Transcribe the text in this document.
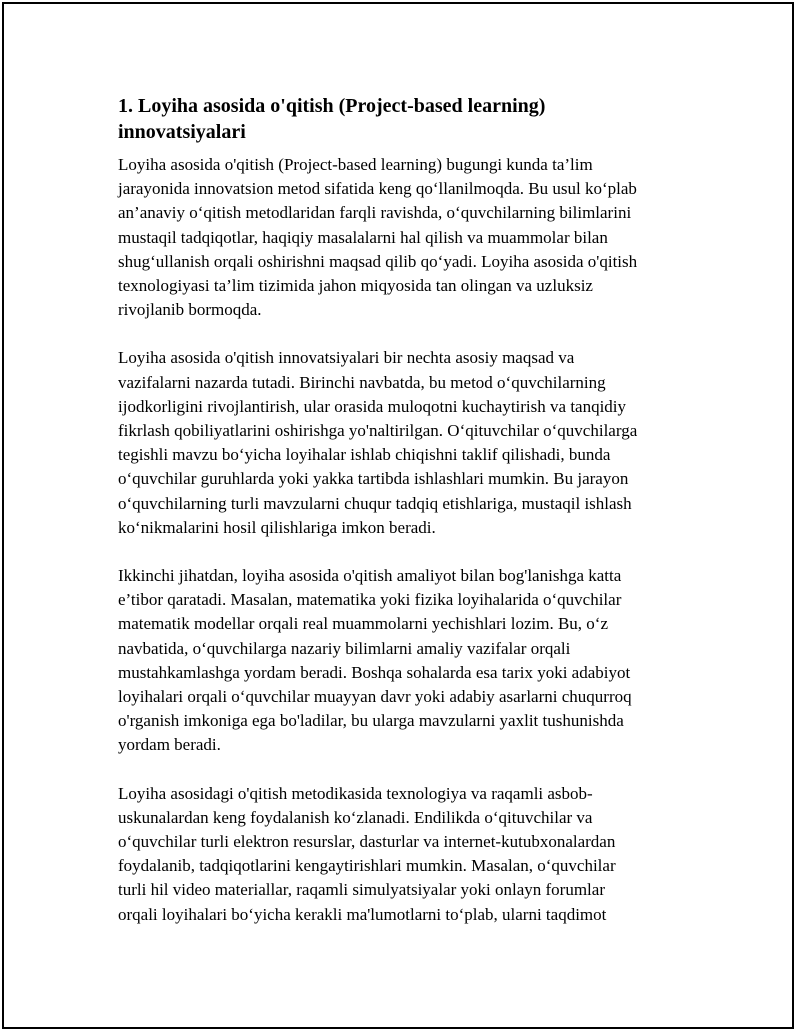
1. Loyiha asosida o'qitish (Project-based learning)
innovatsiyalari
Loyiha asosida o'qitish (Project-based learning) bugungi kunda ta’lim
jarayonida innovatsion metod sifatida keng qo‘llanilmoqda. Bu usul ko‘plab
an’anaviy o‘qitish metodlaridan farqli ravishda, o‘quvchilarning bilimlarini
mustaqil tadqiqotlar, haqiqiy masalalarni hal qilish va muammolar bilan
shug‘ullanish orqali oshirishni maqsad qilib qo‘yadi. Loyiha asosida o'qitish
texnologiyasi ta’lim tizimida jahon miqyosida tan olingan va uzluksiz
rivojlanib bormoqda.
Loyiha asosida o'qitish innovatsiyalari bir nechta asosiy maqsad va
vazifalarni nazarda tutadi. Birinchi navbatda, bu metod o‘quvchilarning
ijodkorligini rivojlantirish, ular orasida muloqotni kuchaytirish va tanqidiy
fikrlash qobiliyatlarini oshirishga yo'naltirilgan. O‘qituvchilar o‘quvchilarga
tegishli mavzu bo‘yicha loyihalar ishlab chiqishni taklif qilishadi, bunda
o‘quvchilar guruhlarda yoki yakka tartibda ishlashlari mumkin. Bu jarayon
o‘quvchilarning turli mavzularni chuqur tadqiq etishlariga, mustaqil ishlash
ko‘nikmalarini hosil qilishlariga imkon beradi.
Ikkinchi jihatdan, loyiha asosida o'qitish amaliyot bilan bog'lanishga katta
e’tibor qaratadi. Masalan, matematika yoki fizika loyihalarida o‘quvchilar
matematik modellar orqali real muammolarni yechishlari lozim. Bu, o‘z
navbatida, o‘quvchilarga nazariy bilimlarni amaliy vazifalar orqali
mustahkamlashga yordam beradi. Boshqa sohalarda esa tarix yoki adabiyot
loyihalari orqali o‘quvchilar muayyan davr yoki adabiy asarlarni chuqurroq
o'rganish imkoniga ega bo'ladilar, bu ularga mavzularni yaxlit tushunishda
yordam beradi.
Loyiha asosidagi o'qitish metodikasida texnologiya va raqamli asbob-
uskunalardan keng foydalanish ko‘zlanadi. Endilikda o‘qituvchilar va
o‘quvchilar turli elektron resurslar, dasturlar va internet-kutubxonalardan
foydalanib, tadqiqotlarini kengaytirishlari mumkin. Masalan, o‘quvchilar
turli hil video materiallar, raqamli simulyatsiyalar yoki onlayn forumlar
orqali loyihalari bo‘yicha kerakli ma'lumotlarni to‘plab, ularni taqdimot
